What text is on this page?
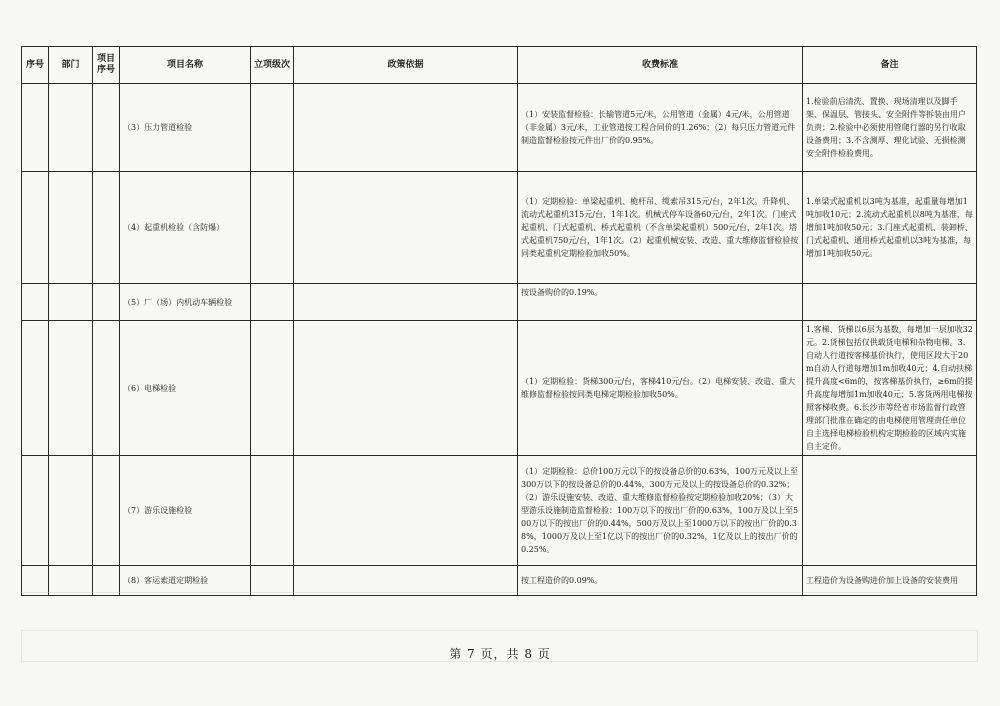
序号	部门	项目序号	项目名称	立项级次	政策依据	收费标准	备注
			（3）压力管道检验			（1）安装监督检验：长输管道5元/米，公用管道（金属）4元/米，公用管道（非金属）3元/米，工业管道按工程合同价的1.26%；（2）每只压力管道元件制造监督检验按元件出厂价的0.95%。	1.检验前后清洗、置换、现场清理以及脚手架、保温层、管接头、安全附件等拆装由用户负责；2.检验中必须使用管爬行器的另行收取设备费用；3.不含测厚、理化试验、无损检测安全附件检验费用。
			（4）起重机检验（含防爆）			（1）定期检验：单梁起重机、桅杆吊、缆索吊315元/台，2年1次。升降机、流动式起重机315元/台，1年1次。机械式停车设备60元/台，2年1次。门座式起重机、门式起重机、桥式起重机（不含单梁起重机）500元/台，2年1次。塔式起重机750元/台，1年1次。（2）起重机械安装、改造、重大维修监督检验按同类起重机定期检验加收50%。	1.单梁式起重机以3吨为基准，起重量每增加1吨加收10元；2.流动式起重机以8吨为基准，每增加1吨加收50元；3.门座式起重机、装卸桥、门式起重机、通用桥式起重机以3吨为基准，每增加1吨加收50元。
			（5）厂（场）内机动车辆检验			按设备购价的0.19%。	
			（6）电梯检验			（1）定期检验：货梯300元/台，客梯410元/台。（2）电梯安装、改造、重大维修监督检验按同类电梯定期检验加收50%。	1.客梯、货梯以6层为基数，每增加一层加收32元。2.货梯包括仅供载货电梯和杂物电梯。3.自动人行道按客梯基价执行，使用区段大于20m自动人行道每增加1m加收40元；4.自动扶梯提升高度<6m的，按客梯基价执行，≥6m的提升高度每增加1m加收40元；5.客货两用电梯按照客梯收费。6.长沙市等经省市场监督行政管理部门批准在确定的由电梯使用管理责任单位自主选择电梯检验机构定期检验的区域内实施自主定价。
			（7）游乐设施检验			（1）定期检验：总价100万元以下的按设备总价的0.63%，100万元及以上至300万以下的按设备总价的0.44%，300万元及以上的按设备总价的0.32%；（2）游乐设施安装、改造、重大维修监督检验按定期检验加收20%；（3）大型游乐设施制造监督检验：100万以下的按出厂价的0.63%，100万及以上至500万以下的按出厂价的0.44%，500万及以上至1000万以下的按出厂价的0.38%，1000万及以上至1亿以下的按出厂价的0.32%，1亿及以上的按出厂价的0.25%。	
			（8）客运索道定期检验			按工程造价的0.09%。	工程造价为设备购进价加上设备的安装费用
第 7 页，共 8 页
